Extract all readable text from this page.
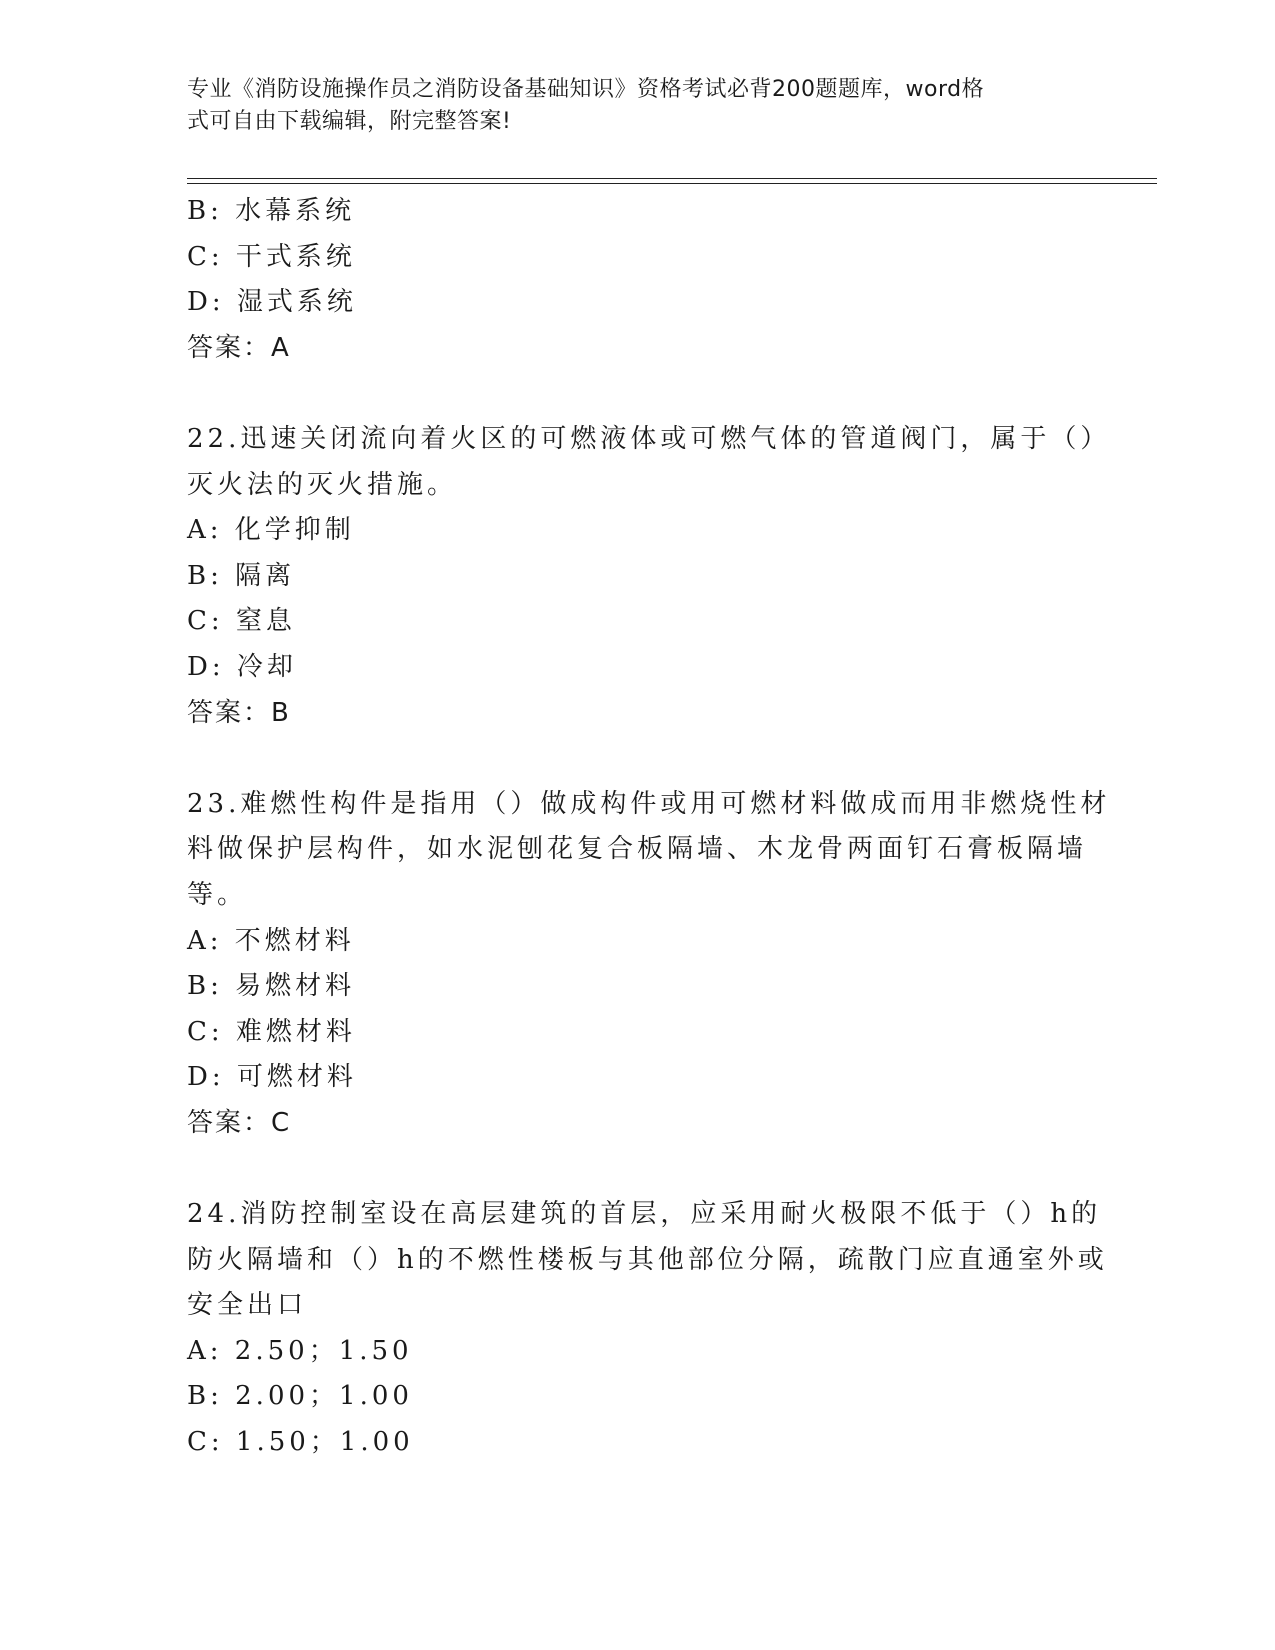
专业《消防设施操作员之消防设备基础知识》资格考试必背200题题库，word格
式可自由下载编辑，附完整答案!
B: 水幕系统
C: 干式系统
D: 湿式系统
答案：A
22.迅速关闭流向着火区的可燃液体或可燃气体的管道阀门，属于（）
灭火法的灭火措施。
A: 化学抑制
B: 隔离
C: 窒息
D: 冷却
答案：B
23.难燃性构件是指用（）做成构件或用可燃材料做成而用非燃烧性材
料做保护层构件，如水泥刨花复合板隔墙、木龙骨两面钉石膏板隔墙
等。
A: 不燃材料
B: 易燃材料
C: 难燃材料
D: 可燃材料
答案：C
24.消防控制室设在高层建筑的首层，应采用耐火极限不低于（）h的
防火隔墙和（）h的不燃性楼板与其他部位分隔，疏散门应直通室外或
安全出口
A: 2.50；1.50
B: 2.00；1.00
C: 1.50；1.00
